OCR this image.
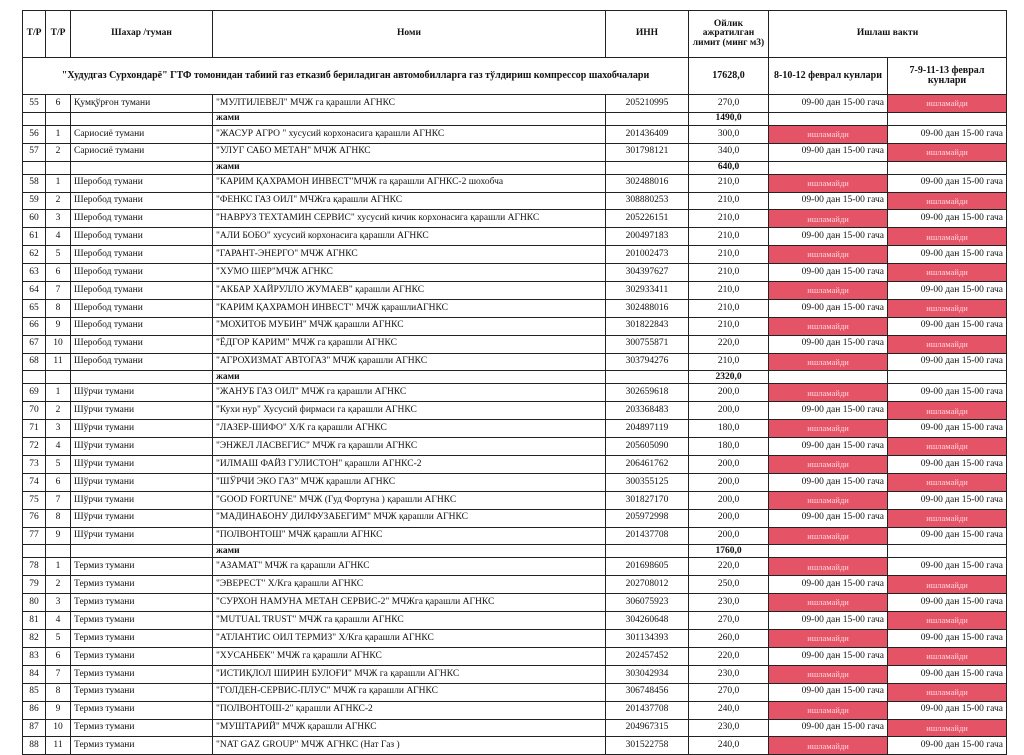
Т/Р	Т/Р	Шахар /туман	Номи	ИНН	Ойлик ажратилган лимит (минг м3)	Ишлаш вакти	
"Худудгаз Сурхондарё" ГТФ томонидан табиий газ етказиб бериладиган автомобилларга газ тўлдириш компрессор шахобчалари					17628,0	8-10-12 феврал кунлари	7-9-11-13 феврал кунлари
55	6	Қумқўрғон тумани	"МУЛТИЛЕВЕЛ" МЧЖ га қарашли АГНКС	205210995	270,0	09-00 дан 15-00 гача	ишламайди
			жами		1490,0		
56	1	Сариосиё тумани	"ЖАСУР АГРО " хусусий корхонасига қарашли АГНКС	201436409	300,0	ишламайди	09-00 дан 15-00 гача
57	2	Сариосиё тумани	"УЛУГ САБО МЕТАН" МЧЖ АГНКС	301798121	340,0	09-00 дан 15-00 гача	ишламайди
			жами		640,0		
58	1	Шеробод тумани	"КАРИМ ҚАХРАМОН ИНВЕСТ"МЧЖ га қарашли АГНКС-2 шохобча	302488016	210,0	ишламайди	09-00 дан 15-00 гача
59	2	Шеробод тумани	"ФЕНКС ГАЗ ОИЛ" МЧЖга қарашли АГНКС	308880253	210,0	09-00 дан 15-00 гача	ишламайди
60	3	Шеробод тумани	"НАВРУЗ ТЕХТАМИН СЕРВИС" хусусий кичик корхонасига қарашли АГНКС	205226151	210,0	ишламайди	09-00 дан 15-00 гача
61	4	Шеробод тумани	"АЛИ БОБО" хусусий корхонасига қарашли АГНКС	200497183	210,0	09-00 дан 15-00 гача	ишламайди
62	5	Шеробод тумани	"ГАРАНТ-ЭНЕРГО" МЧЖ АГНКС	201002473	210,0	ишламайди	09-00 дан 15-00 гача
63	6	Шеробод тумани	"ХУМО ШЕР"МЧЖ АГНКС	304397627	210,0	09-00 дан 15-00 гача	ишламайди
64	7	Шеробод тумани	"АКБАР ХАЙРУЛЛО ЖУМАЕВ" қарашли АГНКС	302933411	210,0	ишламайди	09-00 дан 15-00 гача
65	8	Шеробод тумани	"КАРИМ ҚАХРАМОН ИНВЕСТ" МЧЖ қарашлиАГНКС	302488016	210,0	09-00 дан 15-00 гача	ишламайди
66	9	Шеробод тумани	"МОХИТОБ МУБИН" МЧЖ қарашли АГНКС	301822843	210,0	ишламайди	09-00 дан 15-00 гача
67	10	Шеробод тумани	"ЁДГОР КАРИМ" МЧЖ га қарашли АГНКС	300755871	220,0	09-00 дан 15-00 гача	ишламайди
68	11	Шеробод тумани	"АГРОХИЗМАТ АВТОГАЗ" МЧЖ қарашли АГНКС	303794276	210,0	ишламайди	09-00 дан 15-00 гача
			жами		2320,0		
69	1	Шўрчи тумани	"ЖАНУБ ГАЗ ОИЛ" МЧЖ га қарашли АГНКС	302659618	200,0	ишламайди	09-00 дан 15-00 гача
70	2	Шўрчи тумани	"Кухи нур" Хусусий фирмаси га қарашли АГНКС	203368483	200,0	09-00 дан 15-00 гача	ишламайди
71	3	Шўрчи тумани	"ЛАЗЕР-ШИФО" Х/К га қарашли АГНКС	204897119	180,0	ишламайди	09-00 дан 15-00 гача
72	4	Шўрчи тумани	"ЭНЖЕЛ ЛАСВЕГИС" МЧЖ га қарашли АГНКС	205605090	180,0	09-00 дан 15-00 гача	ишламайди
73	5	Шўрчи тумани	"ИЛМАШ ФАЙЗ ГУЛИСТОН" қарашли АГНКС-2	206461762	200,0	ишламайди	09-00 дан 15-00 гача
74	6	Шўрчи тумани	"ШЎРЧИ ЭКО ГАЗ" МЧЖ қарашли АГНКС	300355125	200,0	09-00 дан 15-00 гача	ишламайди
75	7	Шўрчи тумани	"GOOD FORTUNE" МЧЖ (Гуд Фортуна ) қарашли АГНКС	301827170	200,0	ишламайди	09-00 дан 15-00 гача
76	8	Шўрчи тумани	"МАДИНАБОНУ ДИЛФУЗАБЕГИМ" МЧЖ қарашли АГНКС	205972998	200,0	09-00 дан 15-00 гача	ишламайди
77	9	Шўрчи тумани	"ПОЛВОНТОШ" МЧЖ қарашли АГНКС	201437708	200,0	ишламайди	09-00 дан 15-00 гача
			жами		1760,0		
78	1	Термиз тумани	"АЗАМАТ" МЧЖ га қарашли АГНКС	201698605	220,0	ишламайди	09-00 дан 15-00 гача
79	2	Термиз тумани	"ЭВЕРЕСТ" Х/Кга қарашли АГНКС	202708012	250,0	09-00 дан 15-00 гача	ишламайди
80	3	Термиз тумани	"СУРХОН НАМУНА МЕТАН СЕРВИС-2" МЧЖга қарашли АГНКС	306075923	230,0	ишламайди	09-00 дан 15-00 гача
81	4	Термиз тумани	"MUTUAL TRUST" МЧЖ га қарашли АГНКС	304260648	270,0	09-00 дан 15-00 гача	ишламайди
82	5	Термиз тумани	"АТЛАНТИС ОИЛ ТЕРМИЗ" Х/Кга қарашли АГНКС	301134393	260,0	ишламайди	09-00 дан 15-00 гача
83	6	Термиз тумани	"ХУСАНБЕК" МЧЖ га қарашли АГНКС	202457452	220,0	09-00 дан 15-00 гача	ишламайди
84	7	Термиз тумани	"ИСТИҚЛОЛ ШИРИН БУЛОҒИ" МЧЖ га қарашли АГНКС	303042934	230,0	ишламайди	09-00 дан 15-00 гача
85	8	Термиз тумани	"ГОЛДЕН-СЕРВИС-ПЛУС" МЧЖ га қарашли АГНКС	306748456	270,0	09-00 дан 15-00 гача	ишламайди
86	9	Термиз тумани	"ПОЛВОНТОШ-2" қарашли АГНКС-2	201437708	240,0	ишламайди	09-00 дан 15-00 гача
87	10	Термиз тумани	"МУШТАРИЙ" МЧЖ қарашли АГНКС	204967315	230,0	09-00 дан 15-00 гача	ишламайди
88	11	Термиз тумани	"NAT GAZ GROUP" МЧЖ АГНКС (Нат Газ )	301522758	240,0	ишламайди	09-00 дан 15-00 гача
